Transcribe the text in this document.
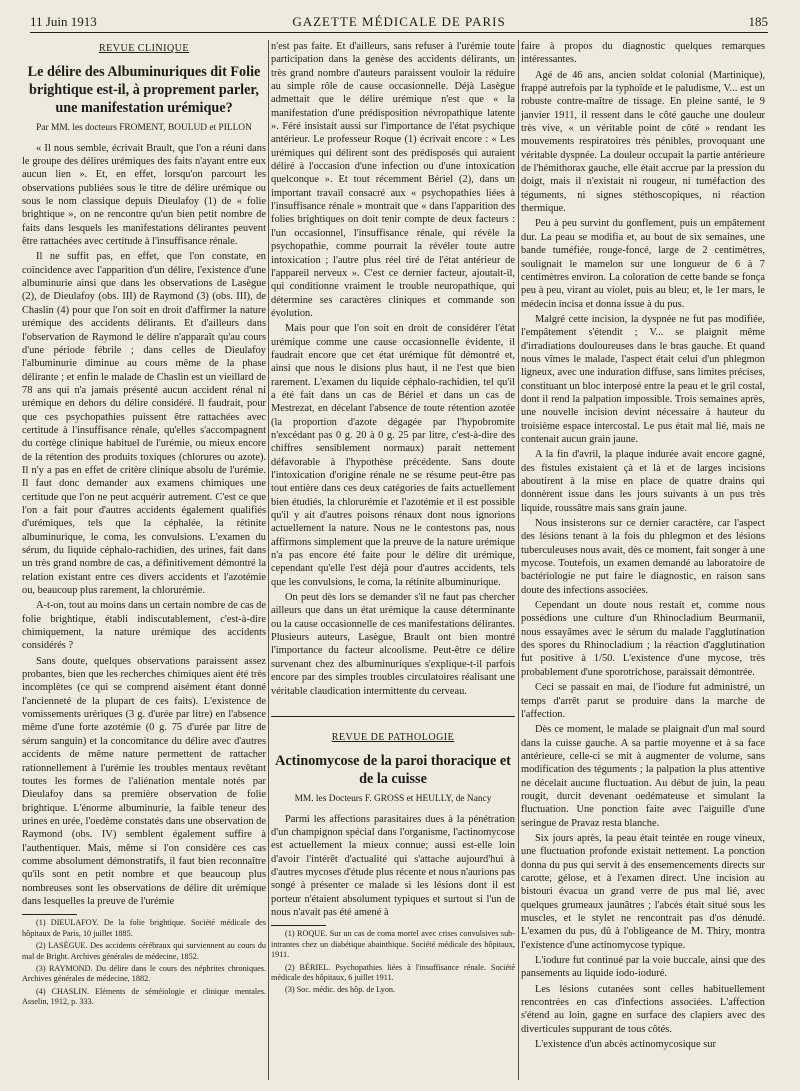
11 Juin 1913	GAZETTE MÉDICALE DE PARIS	185
REVUE CLINIQUE
Le délire des Albuminuriques dit Folie brightique est-il, à proprement parler, une manifestation urémique?
Par MM. les docteurs FROMENT, BOULUD et PILLON

« Il nous semble, écrivait Brault, que l'on a réuni dans le groupe des délires urémiques des faits n'ayant entre eux aucun lien ». Et, en effet, lorsqu'on parcourt les observations publiées sous le titre de délire urémique ou sous le nom classique depuis Dieulafoy (1) de « folie brightique », on ne rencontre qu'un bien petit nombre de faits dans lesquels les manifestations délirantes peuvent être rattachées avec certitude à l'insuffisance rénale.

Il ne suffit pas, en effet, que l'on constate, en coïncidence avec l'apparition d'un délire, l'existence d'une albuminurie ainsi que dans les observations de Lasègue (2), de Dieulafoy (obs. III) de Raymond (3) (obs. III), de Chaslin (4) pour que l'on soit en droit d'affirmer la nature urémique des accidents délirants. Et d'ailleurs dans l'observation de Raymond le délire n'apparaît qu'au cours d'une période fébrile ; dans celles de Dieulafoy l'albuminurie diminue au cours même de la phase délirante ; et enfin le malade de Chaslin est un vieillard de 78 ans qui n'a jamais présenté aucun accident rénal ni urémique en dehors du délire considéré. Il faudrait, pour que ces psychopathies puissent être rattachées avec certitude à l'insuffisance rénale, qu'elles s'accompagnent du cortège clinique habituel de l'urémie, ou mieux encore de la rétention des produits toxiques (chlorures ou azote). Il n'y a pas en effet de critère clinique absolu de l'urémie. Il faut donc demander aux examens chimiques une certitude que l'on ne peut acquérir autrement. C'est ce que l'on a fait pour d'autres accidents également qualifiés d'urémiques, tels que la céphalée, la rétinite albuminurique, le coma, les convulsions. L'examen du sérum, du liquide céphalo-rachidien, des urines, fait dans un très grand nombre de cas, a définitivement démontré la relation existant entre ces divers accidents et l'azotémie ou, beaucoup plus rarement, la chlorurémie.

A-t-on, tout au moins dans un certain nombre de cas de folie brightique, établi indiscutablement, c'est-à-dire chimiquement, la nature urémique des accidents considérés ?

Sans doute, quelques observations paraissent assez probantes, bien que les recherches chimiques aient été très incomplètes (ce qui se comprend aisément étant donné l'ancienneté de la plupart de ces faits). L'existence de vomissements urériques (3 g. d'urée par litre) en l'absence même d'une forte azotémie (0 g. 75 d'urée par litre de sérum sanguin) et la concomitance du délire avec d'autres accidents de même nature permettent de rattacher rationnellement à l'urémie les troubles mentaux revêtant toutes les formes de l'aliénation mentale notés par Dieulafoy dans sa première observation de folie brightique. L'énorme albuminurie, la faible teneur des urines en urée, l'oedème constatés dans une observation de Raymond (obs. IV) semblent également suffire à l'authentiquer. Mais, même si l'on considère ces cas comme absolument démonstratifs, il faut bien reconnaître qu'ils sont en petit nombre et que beaucoup plus nombreuses sont les observations de délire dit urémique dans lesquelles la preuve de l'urémie

(1) DIEULAFOY. De la folie brightique. Société médicale des hôpitaux de Paris, 10 juillet 1885.

(2) LASÈGUE. Des accidents cérébraux qui surviennent au cours du mal de Bright. Archives générales de médecine, 1852.

(3) RAYMOND. Du délire dans le cours des néphrites chroniques. Archives générales de médecine, 1882.

(4) CHASLIN. Eléments de séméiologie et clinique mentales. Asselin, 1912, p. 333.

n'est pas faite. Et d'ailleurs, sans refuser à l'urémie toute participation dans la genèse des accidents délirants, un très grand nombre d'auteurs paraissent vouloir la réduire au simple rôle de cause occasionnelle. Déjà Lasègue admettait que le délire urémique n'est que « la manifestation d'une prédisposition névropathique latente ». Féré insistait aussi sur l'importance de l'état psychique antérieur. Le professeur Roque (1) écrivait encore : « Les urémiques qui délirent sont des prédisposés qui auraient déliré à l'occasion d'une infection ou d'une intoxication quelconque ». Et tout récemment Bériel (2), dans un important travail consacré aux « psychopathies liées à l'insuffisance rénale » montrait que « dans l'apparition des folies brightiques on doit tenir compte de deux facteurs : l'un occasionnel, l'insuffisance rénale, qui révèle la psychopathie, comme pourrait la révéler toute autre intoxication ; l'autre plus réel tiré de l'état antérieur de l'appareil nerveux ». C'est ce dernier facteur, ajoutait-il, qui conditionne vraiment le trouble neuropathique, qui détermine ses caractères cliniques et commande son évolution.

Mais pour que l'on soit en droit de considérer l'état urémique comme une cause occasionnelle évidente, il faudrait encore que cet état urémique fût démontré et, ainsi que nous le disions plus haut, il ne l'est que bien rarement. L'examen du liquide céphalo-rachidien, tel qu'il a été fait dans un cas de Bériel et dans un cas de Mestrezat, en décelant l'absence de toute rétention azotée (la proportion d'azote dégagée par l'hypobromite n'excédant pas 0 g. 20 à 0 g. 25 par litre, c'est-à-dire des chiffres sensiblement normaux) parait nettement défavorable à l'hypothèse précédente. Sans doute l'intoxication d'origine rénale ne se résume peut-être pas tout entière dans ces deux catégories de faits actuellement bien étudiés, la chlorurémie et l'azotémie et il est possible qu'il y ait d'autres poisons rénaux dont nous ignorions actuellement la nature. Nous ne le contestons pas, nous affirmons simplement que la preuve de la nature urémique n'a pas encore été faite pour le délire dit urémique, cependant qu'elle l'est déjà pour d'autres accidents, tels que les convulsions, le coma, la rétinite albuminurique.

On peut dès lors se demander s'il ne faut pas chercher ailleurs que dans un état urémique la cause déterminante ou la cause occasionnelle de ces manifestations délirantes. Plusieurs auteurs, Lasègue, Brault ont bien montré l'importance du facteur alcoolisme. Peut-être ce délire survenant chez des albuminuriques s'explique-t-il parfois encore par des simples troubles circulatoires réalisant une véritable claudication intermittente du cerveau.

REVUE DE PATHOLOGIE
Actinomycose de la paroi thoracique et de la cuisse
MM. les Docteurs F. GROSS et HEULLY, de Nancy

Parmi les affections parasitaires dues à la pénétration d'un champignon spécial dans l'organisme, l'actinomycose est actuellement la mieux connue; aussi est-elle loin d'avoir l'intérêt d'actualité qui s'attache aujourd'hui à d'autres mycoses d'étude plus récente et nous n'aurions pas songé à présenter ce malade si les lésions dont il est porteur n'étaient absolument typiques et surtout si l'un de nous n'avait pas été amené à

(1) ROQUE. Sur un cas de coma mortel avec crises convulsives sub-intrantes chez un diabétique abainthique. Société médicale des hôpitaux, 1911.

(2) BÉRIEL. Psychopathies liées à l'insuffisance rénale. Société médicale des hôpitaux, 6 juillet 1911.

(3) Soc. médic. des hôp. de Lyon.

faire à propos du diagnostic quelques remarques intéressantes.

Agé de 46 ans, ancien soldat colonial (Martinique), frappé autrefois par la typhoïde et le paludisme, V... est un robuste contre-maître de tissage. En pleine santé, le 9 janvier 1911, il ressent dans le côté gauche une douleur très vive, « un véritable point de côté » rendant les mouvements respiratoires très pénibles, provoquant une véritable dyspnée. La douleur occupait la partie antérieure de l'hémithorax gauche, elle était accrue par la pression du doigt, mais il n'existait ni rougeur, ni tuméfaction des téguments, ni signes stéthoscopiques, ni réaction thermique.

Peu à peu survint du gonflement, puis un empâtement dur. La peau se modifia et, au bout de six semaines, une bande tuméfiée, rouge-foncé, large de 2 centimètres, soulignait le mamelon sur une longueur de 6 à 7 centimètres environ. La coloration de cette bande se fonça peu à peu, virant au violet, puis au bleu; et, le 1er mars, le médecin incisa et donna issue à du pus.

Malgré cette incision, la dyspnée ne fut pas modifiée, l'empâtement s'étendit ; V... se plaignit même d'irradiations douloureuses dans le bras gauche. Et quand nous vîmes le malade, l'aspect était celui d'un phlegmon ligneux, avec une induration diffuse, sans limites précises, constituant un bloc interposé entre la peau et le gril costal, dont il rend la palpation impossible. Trois semaines après, une nouvelle incision devint nécessaire à hauteur du troisième espace intercostal. Le pus était mal lié, mais ne contenait aucun grain jaune.

A la fin d'avril, la plaque indurée avait encore gagné, des fistules existaient çà et là et de larges incisions aboutirent à la mise en place de quatre drains qui donnèrent issue dans les jours suivants à un pus très liquide, roussâtre mais sans grain jaune.

Nous insisterons sur ce dernier caractère, car l'aspect des lésions tenant à la fois du phlegmon et des lésions tuberculeuses nous avait, dès ce moment, fait songer à une mycose. Toutefois, un examen demandé au laboratoire de bactériologie ne put faire le diagnostic, en raison sans doute des infections associées.

Cependant un doute nous restait et, comme nous possédions une culture d'un Rhinocladium Beurmanii, nous essayâmes avec le sérum du malade l'agglutination des spores du Rhinocladium ; la réaction d'agglutination fut positive à 1/50. L'existence d'une mycose, très probablement d'une sporotrichose, paraissait démontrée.

Ceci se passait en mai, de l'iodure fut administré, un temps d'arrêt parut se produire dans la marche de l'affection.

Dès ce moment, le malade se plaignait d'un mal sourd dans la cuisse gauche. A sa partie moyenne et à sa face antérieure, celle-ci se mit à augmenter de volume, sans modification des téguments ; la palpation la plus attentive ne décelait aucune fluctuation. Au début de juin, la peau rougit, durcit devenant oedémateuse et simulant la fluctuation. Une ponction faite avec l'aiguille d'une seringue de Pravaz resta blanche.

Six jours après, la peau était teintée en rouge vineux, une fluctuation profonde existait nettement. La ponction donna du pus qui servit à des ensemencements directs sur carotte, gélose, et à l'examen direct. Une incision au bistouri évacua un grand verre de pus mal lié, avec quelques grumeaux jaunâtres ; l'abcès était situé sous les muscles, et le stylet ne rencontrait pas d'os dénudé. L'examen du pus, dû à l'obligeance de M. Thiry, montra l'existence d'une actinomycose typique.

L'iodure fut continué par la voie buccale, ainsi que des pansements au liquide iodo-ioduré.

Les lésions cutanées sont celles habituellement rencontrées en cas d'infections associées. L'affection s'étend au loin, gagne en surface des clapiers avec des diverticules suppurant de tous côtés.

L'existence d'un abcès actinomycosique sur
